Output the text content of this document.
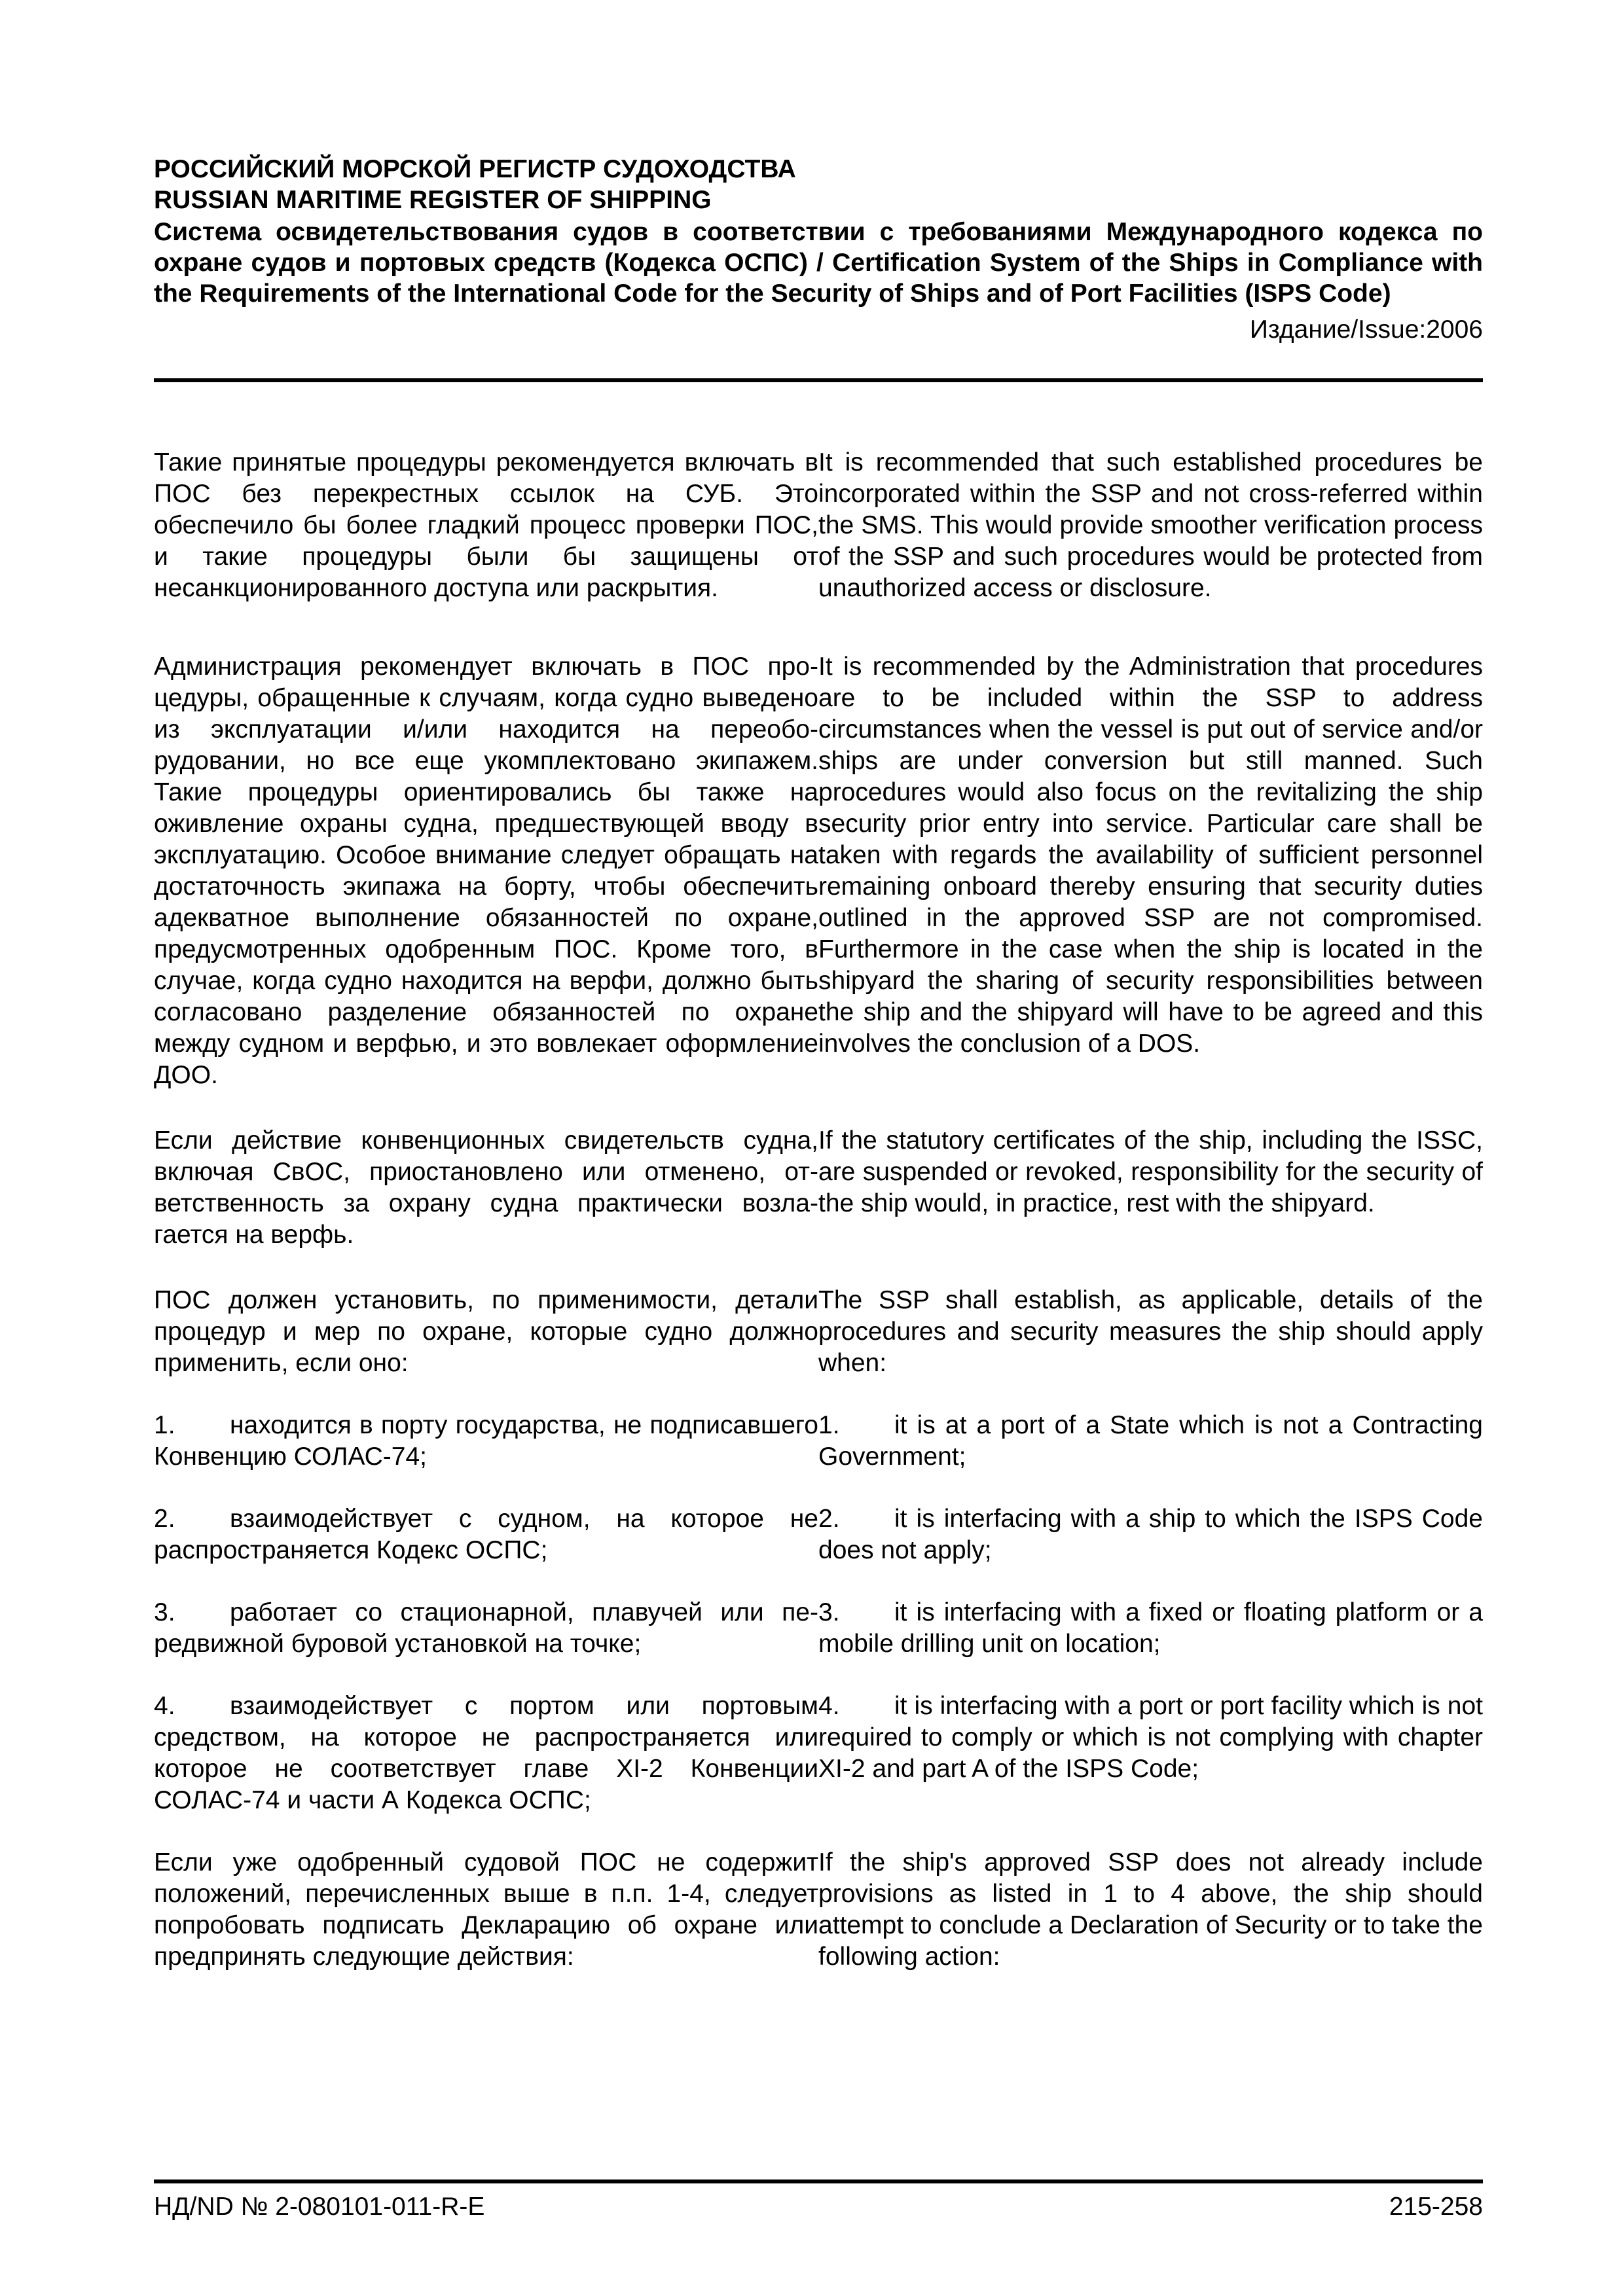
РОССИЙСКИЙ МОРСКОЙ РЕГИСТР СУДОХОДСТВА
RUSSIAN MARITIME REGISTER OF SHIPPING
Система освидетельствования судов в соответствии с требованиями Международного кодекса по охране судов и портовых средств (Кодекса ОСПС) / Certification System of the Ships in Compliance with the Requirements of the International Code for the Security of Ships and of Port Facilities (ISPS Code)
Издание/Issue:2006
Такие принятые процедуры рекомендуется включать в ПОС без перекрестных ссылок на СУБ. Это обеспечило бы более гладкий процесс проверки ПОС, и такие процедуры были бы защищены от несанкционированного доступа или раскрытия.
It is recommended that such established procedures be incorporated within the SSP and not cross-referred within the SMS. This would provide smoother verification process of the SSP and such procedures would be protected from unauthorized access or disclosure.
Администрация рекомендует включать в ПОС процедуры, обращенные к случаям, когда судно выведено из эксплуатации и/или находится на переоборудовании, но все еще укомплектовано экипажем. Такие процедуры ориентировались бы также на оживление охраны судна, предшествующей вводу в эксплуатацию. Особое внимание следует обращать на достаточность экипажа на борту, чтобы обеспечить адекватное выполнение обязанностей по охране, предусмотренных одобренным ПОС. Кроме того, в случае, когда судно находится на верфи, должно быть согласовано разделение обязанностей по охране между судном и верфью, и это вовлекает оформление ДОО.
It is recommended by the Administration that procedures are to be included within the SSP to address circumstances when the vessel is put out of service and/or ships are under conversion but still manned. Such procedures would also focus on the revitalizing the ship security prior entry into service. Particular care shall be taken with regards the availability of sufficient personnel remaining onboard thereby ensuring that security duties outlined in the approved SSP are not compromised. Furthermore in the case when the ship is located in the shipyard the sharing of security responsibilities between the ship and the shipyard will have to be agreed and this involves the conclusion of a DOS.
Если действие конвенционных свидетельств судна, включая СвОС, приостановлено или отменено, ответственность за охрану судна практически возлагается на верфь.
If the statutory certificates of the ship, including the ISSC, are suspended or revoked, responsibility for the security of the ship would, in practice, rest with the shipyard.
ПОС должен установить, по применимости, детали процедур и мер по охране, которые судно должно применить, если оно:
The SSP shall establish, as applicable, details of the procedures and security measures the ship should apply when:
1. находится в порту государства, не подписавшего Конвенцию СОЛАС-74;
1. it is at a port of a State which is not a Contracting Government;
2. взаимодействует с судном, на которое не распространяется Кодекс ОСПС;
2. it is interfacing with a ship to which the ISPS Code does not apply;
3. работает со стационарной, плавучей или передвижной буровой установкой на точке;
3. it is interfacing with a fixed or floating platform or a mobile drilling unit on location;
4. взаимодействует с портом или портовым средством, на которое не распространяется или которое не соответствует главе XI-2 Конвенции СОЛАС-74 и части А Кодекса ОСПС;
4. it is interfacing with a port or port facility which is not required to comply or which is not complying with chapter XI-2 and part A of the ISPS Code;
Если уже одобренный судовой ПОС не содержит положений, перечисленных выше в п.п. 1-4, следует попробовать подписать Декларацию об охране или предпринять следующие действия:
If the ship's approved SSP does not already include provisions as listed in 1 to 4 above, the ship should attempt to conclude a Declaration of Security or to take the following action:
НД/ND № 2-080101-011-R-E	215-258
